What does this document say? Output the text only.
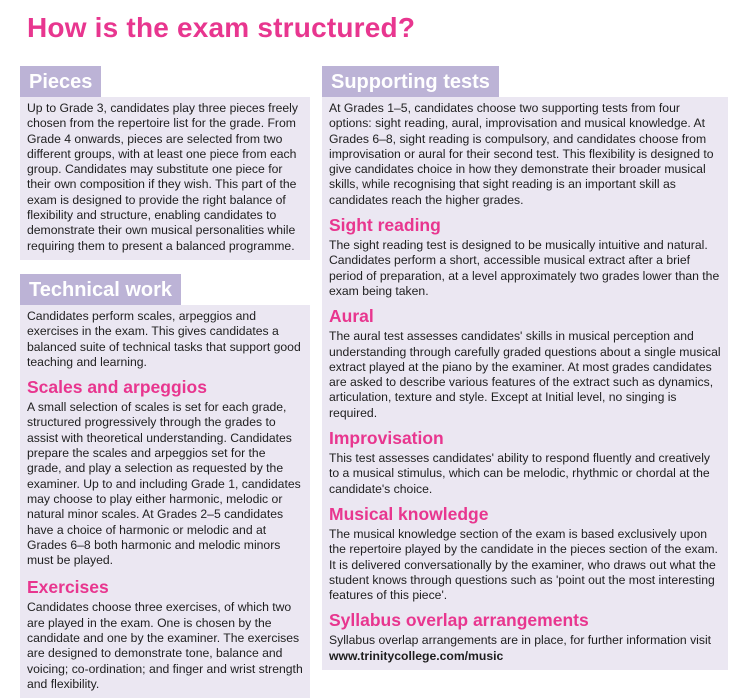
How is the exam structured?
Pieces

Up to Grade 3, candidates play three pieces freely chosen from the repertoire list for the grade. From Grade 4 onwards, pieces are selected from two different groups, with at least one piece from each group. Candidates may substitute one piece for their own composition if they wish. This part of the exam is designed to provide the right balance of flexibility and structure, enabling candidates to demonstrate their own musical personalities while requiring them to present a balanced programme.

Technical work

Candidates perform scales, arpeggios and exercises in the exam. This gives candidates a balanced suite of technical tasks that support good teaching and learning.

Scales and arpeggios

A small selection of scales is set for each grade, structured progressively through the grades to assist with theoretical understanding. Candidates prepare the scales and arpeggios set for the grade, and play a selection as requested by the examiner. Up to and including Grade 1, candidates may choose to play either harmonic, melodic or natural minor scales. At Grades 2–5 candidates have a choice of harmonic or melodic and at Grades 6–8 both harmonic and melodic minors must be played.

Exercises

Candidates choose three exercises, of which two are played in the exam. One is chosen by the candidate and one by the examiner. The exercises are designed to demonstrate tone, balance and voicing; co-ordination; and finger and wrist strength and flexibility.

Supporting tests

At Grades 1–5, candidates choose two supporting tests from four options: sight reading, aural, improvisation and musical knowledge. At Grades 6–8, sight reading is compulsory, and candidates choose from improvisation or aural for their second test. This flexibility is designed to give candidates choice in how they demonstrate their broader musical skills, while recognising that sight reading is an important skill as candidates reach the higher grades.

Sight reading

The sight reading test is designed to be musically intuitive and natural. Candidates perform a short, accessible musical extract after a brief period of preparation, at a level approximately two grades lower than the exam being taken.

Aural

The aural test assesses candidates' skills in musical perception and understanding through carefully graded questions about a single musical extract played at the piano by the examiner. At most grades candidates are asked to describe various features of the extract such as dynamics, articulation, texture and style. Except at Initial level, no singing is required.

Improvisation

This test assesses candidates' ability to respond fluently and creatively to a musical stimulus, which can be melodic, rhythmic or chordal at the candidate's choice.

Musical knowledge

The musical knowledge section of the exam is based exclusively upon the repertoire played by the candidate in the pieces section of the exam. It is delivered conversationally by the examiner, who draws out what the student knows through questions such as 'point out the most interesting features of this piece'.

Syllabus overlap arrangements

Syllabus overlap arrangements are in place, for further information visit
www.trinitycollege.com/music
